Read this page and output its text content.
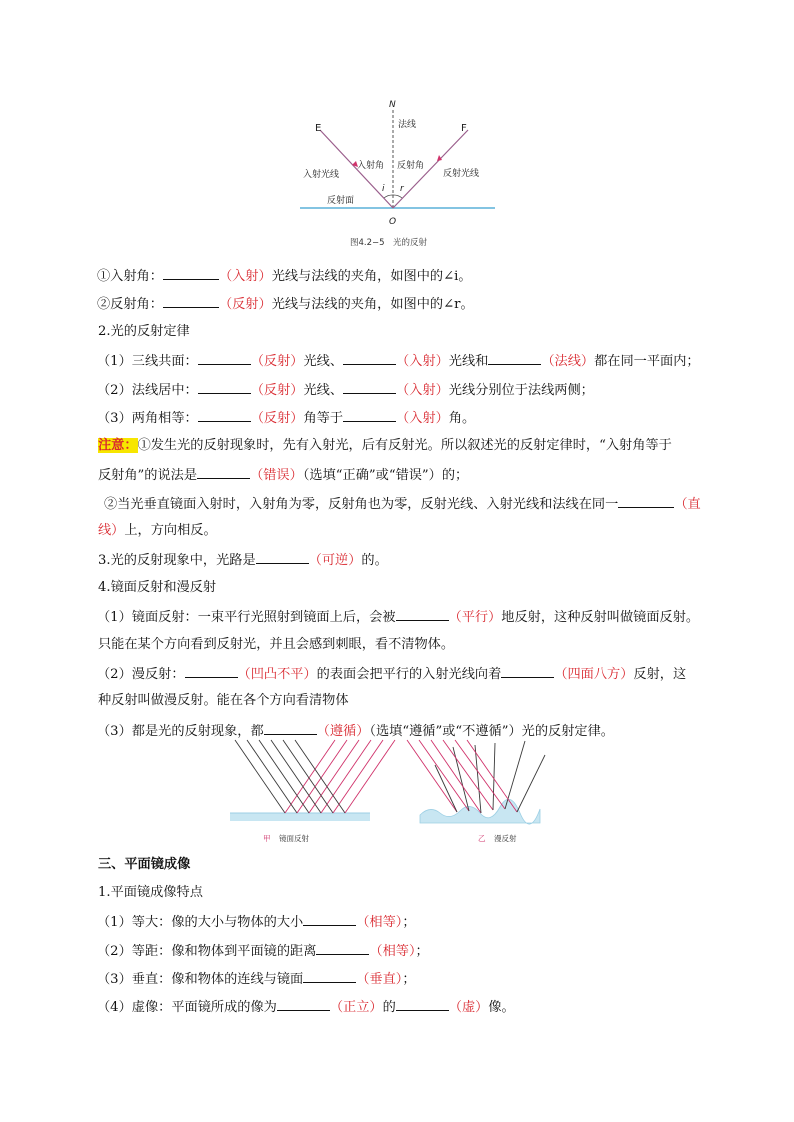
N
法线
E	F
入射光线
入射角 反射角
反射光线
i r
反射面
O
图4.2−5　光的反射
①入射角：	（入射）光线与法线的夹角，如图中的∠i。
②反射角：	（反射）光线与法线的夹角，如图中的∠r。
2.光的反射定律
（1）三线共面：	（反射）光线、	（入射）光线和	（法线）都在同一平面内；
（2）法线居中：	（反射）光线、	（入射）光线分别位于法线两侧；
（3）两角相等：	（反射）角等于	（入射）角。
注意：①发生光的反射现象时，先有入射光，后有反射光。所以叙述光的反射定律时，“入射角等于
反射角”的说法是	（错误）（选填“正确”或“错误”）的；
②当光垂直镜面入射时，入射角为零，反射角也为零，反射光线、入射光线和法线在同一	（直
线）上，方向相反。
3.光的反射现象中，光路是	（可逆）的。
4.镜面反射和漫反射
（1）镜面反射：一束平行光照射到镜面上后，会被	（平行）地反射，这种反射叫做镜面反射。
只能在某个方向看到反射光，并且会感到刺眼，看不清物体。
（2）漫反射：	（凹凸不平）的表面会把平行的入射光线向着	（四面八方）反射，这
种反射叫做漫反射。能在各个方向看清物体
（3）都是光的反射现象，都	（遵循）（选填“遵循”或“不遵循”）光的反射定律。
甲 镜面反射	乙 漫反射
三、平面镜成像
1.平面镜成像特点
（1）等大：像的大小与物体的大小	（相等）；
（2）等距：像和物体到平面镜的距离	（相等）；
（3）垂直：像和物体的连线与镜面	（垂直）；
（4）虚像：平面镜所成的像为	（正立）的	（虚）像。
